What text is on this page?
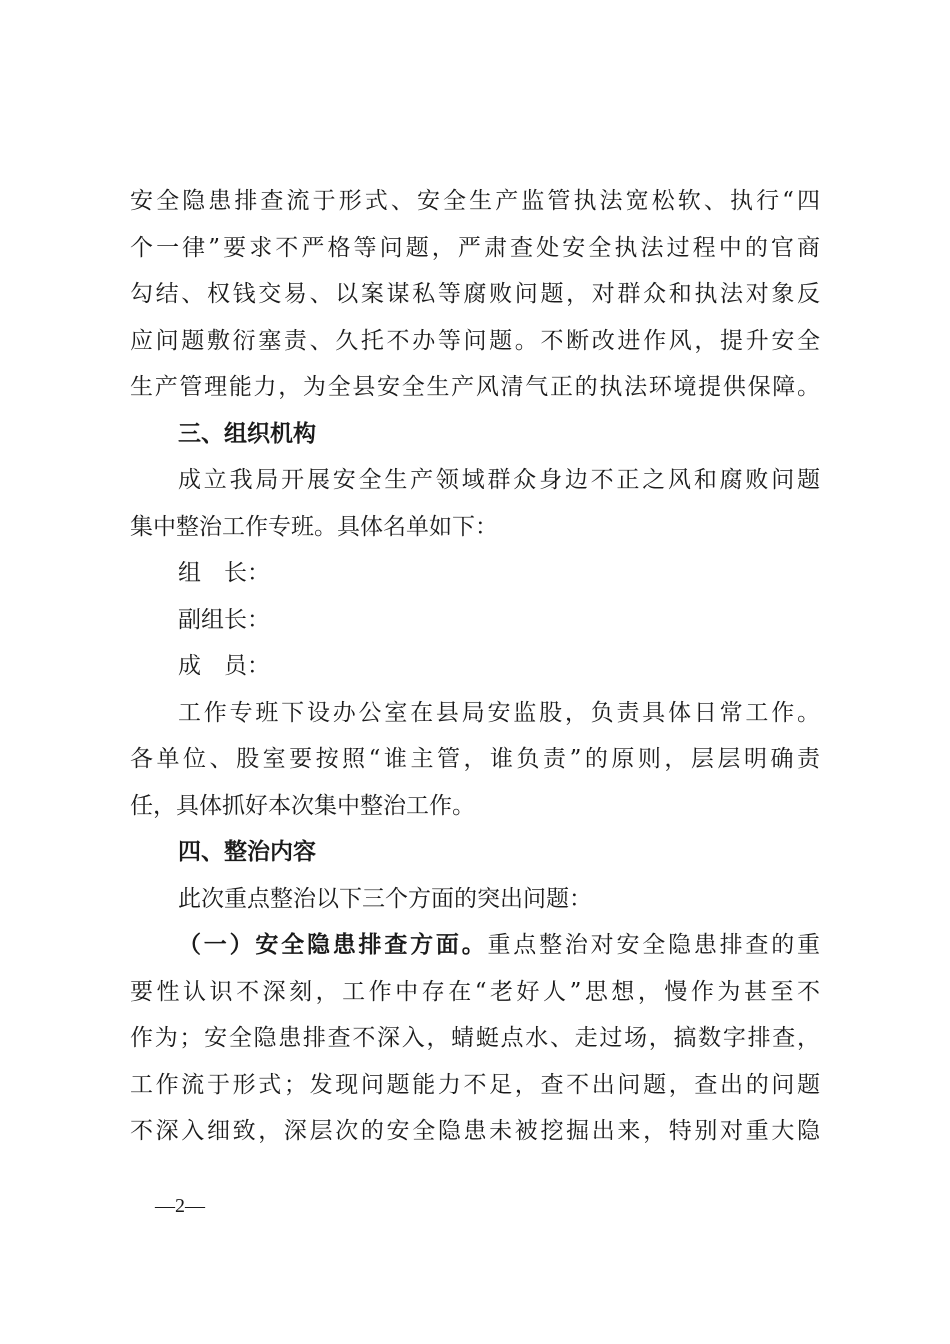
安全隐患排查流于形式、安全生产监管执法宽松软、执行“四
个一律”要求不严格等问题，严肃查处安全执法过程中的官商
勾结、权钱交易、以案谋私等腐败问题，对群众和执法对象反
应问题敷衍塞责、久托不办等问题。不断改进作风，提升安全
生产管理能力，为全县安全生产风清气正的执法环境提供保障。
三、组织机构
成立我局开展安全生产领域群众身边不正之风和腐败问题
集中整治工作专班。具体名单如下：
组　长：
副组长：
成　员：
工作专班下设办公室在县局安监股，负责具体日常工作。
各单位、股室要按照“谁主管，谁负责”的原则，层层明确责
任，具体抓好本次集中整治工作。
四、整治内容
此次重点整治以下三个方面的突出问题：
（一）安全隐患排查方面。重点整治对安全隐患排查的重
要性认识不深刻，工作中存在“老好人”思想，慢作为甚至不
作为；安全隐患排查不深入，蜻蜓点水、走过场，搞数字排查，
工作流于形式；发现问题能力不足，查不出问题，查出的问题
不深入细致，深层次的安全隐患未被挖掘出来，特别对重大隐
—2—
